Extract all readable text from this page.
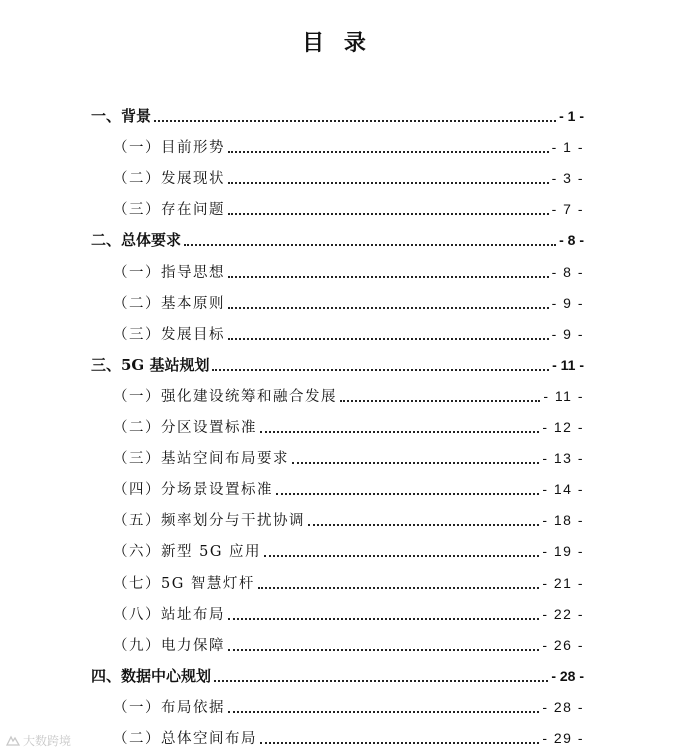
目 录
一、背景	- 1 -
（一）目前形势	- 1 -
（二）发展现状	- 3 -
（三）存在问题	- 7 -
二、总体要求	- 8 -
（一）指导思想	- 8 -
（二）基本原则	- 9 -
（三）发展目标	- 9 -
三、5G 基站规划	- 11 -
（一）强化建设统筹和融合发展	- 11 -
（二）分区设置标准	- 12 -
（三）基站空间布局要求	- 13 -
（四）分场景设置标准	- 14 -
（五）频率划分与干扰协调	- 18 -
（六）新型 5G 应用	- 19 -
（七）5G 智慧灯杆	- 21 -
（八）站址布局	- 22 -
（九）电力保障	- 26 -
四、数据中心规划	- 28 -
（一）布局依据	- 28 -
（二）总体空间布局	- 29 -
大数跨境
